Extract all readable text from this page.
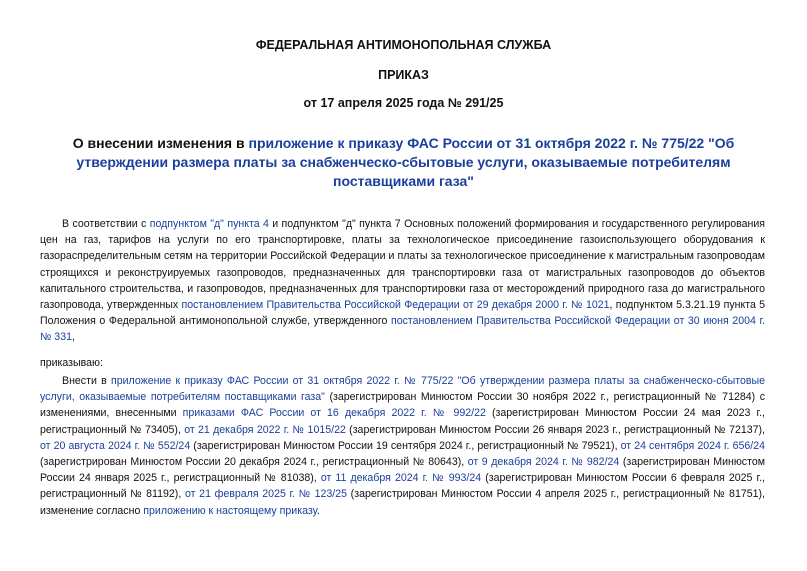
ФЕДЕРАЛЬНАЯ АНТИМОНОПОЛЬНАЯ СЛУЖБА

ПРИКАЗ

от 17 апреля 2025 года № 291/25

О внесении изменения в приложение к приказу ФАС России от 31 октября 2022 г. № 775/22 "Об утверждении размера платы за снабженческо-сбытовые услуги, оказываемые потребителям поставщиками газа"

В соответствии с подпунктом "д" пункта 4 и подпунктом "д" пункта 7 Основных положений формирования и государственного регулирования цен на газ, тарифов на услуги по его транспортировке, платы за технологическое присоединение газоиспользующего оборудования к газораспределительным сетям на территории Российской Федерации и платы за технологическое присоединение к магистральным газопроводам строящихся и реконструируемых газопроводов, предназначенных для транспортировки газа от магистральных газопроводов до объектов капитального строительства, и газопроводов, предназначенных для транспортировки газа от месторождений природного газа до магистрального газопровода, утвержденных постановлением Правительства Российской Федерации от 29 декабря 2000 г. № 1021, подпунктом 5.3.21.19 пункта 5 Положения о Федеральной антимонопольной службе, утвержденного постановлением Правительства Российской Федерации от 30 июня 2004 г. № 331,

приказываю:

Внести в приложение к приказу ФАС России от 31 октября 2022 г. № 775/22 "Об утверждении размера платы за снабженческо-сбытовые услуги, оказываемые потребителям поставщиками газа" (зарегистрирован Минюстом России 30 ноября 2022 г., регистрационный № 71284) с изменениями, внесенными приказами ФАС России от 16 декабря 2022 г. № 992/22 (зарегистрирован Минюстом России 24 мая 2023 г., регистрационный № 73405), от 21 декабря 2022 г. № 1015/22 (зарегистрирован Минюстом России 26 января 2023 г., регистрационный № 72137), от 20 августа 2024 г. № 552/24 (зарегистрирован Минюстом России 19 сентября 2024 г., регистрационный № 79521), от 24 сентября 2024 г. 656/24 (зарегистрирован Минюстом России 20 декабря 2024 г., регистрационный № 80643), от 9 декабря 2024 г. № 982/24 (зарегистрирован Минюстом России 24 января 2025 г., регистрационный № 81038), от 11 декабря 2024 г. № 993/24 (зарегистрирован Минюстом России 6 февраля 2025 г., регистрационный № 81192), от 21 февраля 2025 г. № 123/25 (зарегистрирован Минюстом России 4 апреля 2025 г., регистрационный № 81751), изменение согласно приложению к настоящему приказу.
